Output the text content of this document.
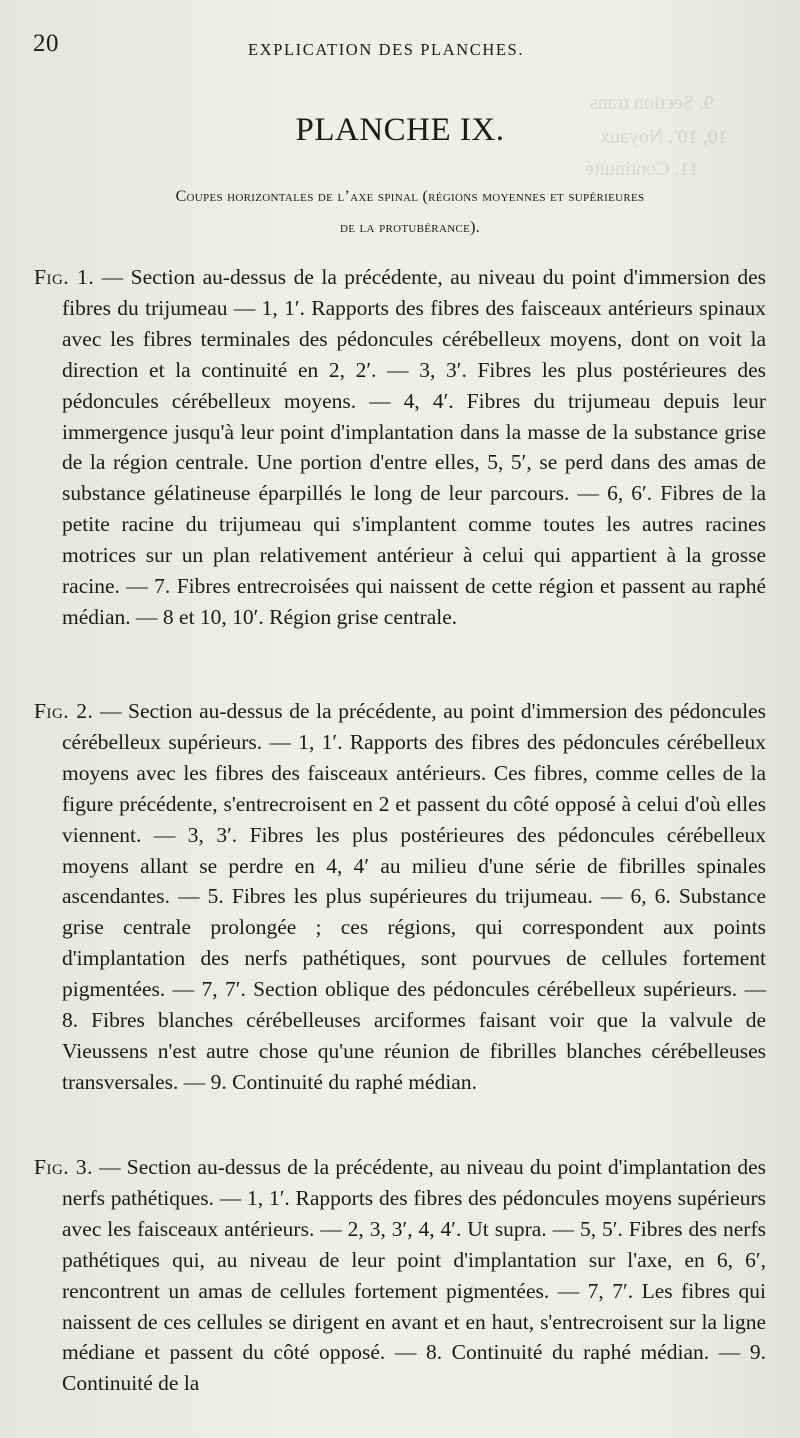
9. Section trans
10, 10′. Noyaux
11. Continuité
20	EXPLICATION DES PLANCHES.
PLANCHE IX.
Coupes horizontales de l’axe spinal (régions moyennes et supérieures
de la protubérance).

Fig. 1. — Section au-dessus de la précédente, au niveau du point d'immersion des fibres du trijumeau — 1, 1′. Rapports des fibres des faisceaux antérieurs spinaux avec les fibres terminales des pédoncules cérébelleux moyens, dont on voit la direction et la continuité en 2, 2′. — 3, 3′. Fibres les plus postérieures des pédoncules cérébelleux moyens. — 4, 4′. Fibres du trijumeau depuis leur immergence jusqu'à leur point d'implantation dans la masse de la substance grise de la région centrale. Une portion d'entre elles, 5, 5′, se perd dans des amas de substance gélatineuse éparpillés le long de leur parcours. — 6, 6′. Fibres de la petite racine du trijumeau qui s'implantent comme toutes les autres racines motrices sur un plan relativement antérieur à celui qui appartient à la grosse racine. — 7. Fibres entrecroisées qui naissent de cette région et passent au raphé médian. — 8 et 10, 10′. Région grise centrale.

Fig. 2. — Section au-dessus de la précédente, au point d'immersion des pédoncules cérébelleux supérieurs. — 1, 1′. Rapports des fibres des pédoncules cérébelleux moyens avec les fibres des faisceaux antérieurs. Ces fibres, comme celles de la figure précédente, s'entrecroisent en 2 et passent du côté opposé à celui d'où elles viennent. — 3, 3′. Fibres les plus postérieures des pédoncules cérébelleux moyens allant se perdre en 4, 4′ au milieu d'une série de fibrilles spinales ascendantes. — 5. Fibres les plus supérieures du trijumeau. — 6, 6. Substance grise centrale prolongée ; ces régions, qui correspondent aux points d'implantation des nerfs pathétiques, sont pourvues de cellules fortement pigmentées. — 7, 7′. Section oblique des pédoncules cérébelleux supérieurs. — 8. Fibres blanches cérébelleuses arciformes faisant voir que la valvule de Vieussens n'est autre chose qu'une réunion de fibrilles blanches cérébelleuses transversales. — 9. Continuité du raphé médian.

Fig. 3. — Section au-dessus de la précédente, au niveau du point d'implantation des nerfs pathétiques. — 1, 1′. Rapports des fibres des pédoncules moyens supérieurs avec les faisceaux antérieurs. — 2, 3, 3′, 4, 4′. Ut supra. — 5, 5′. Fibres des nerfs pathétiques qui, au niveau de leur point d'implantation sur l'axe, en 6, 6′, rencontrent un amas de cellules fortement pigmentées. — 7, 7′. Les fibres qui naissent de ces cellules se dirigent en avant et en haut, s'entrecroisent sur la ligne médiane et passent du côté opposé. — 8. Continuité du raphé médian. — 9. Continuité de la
